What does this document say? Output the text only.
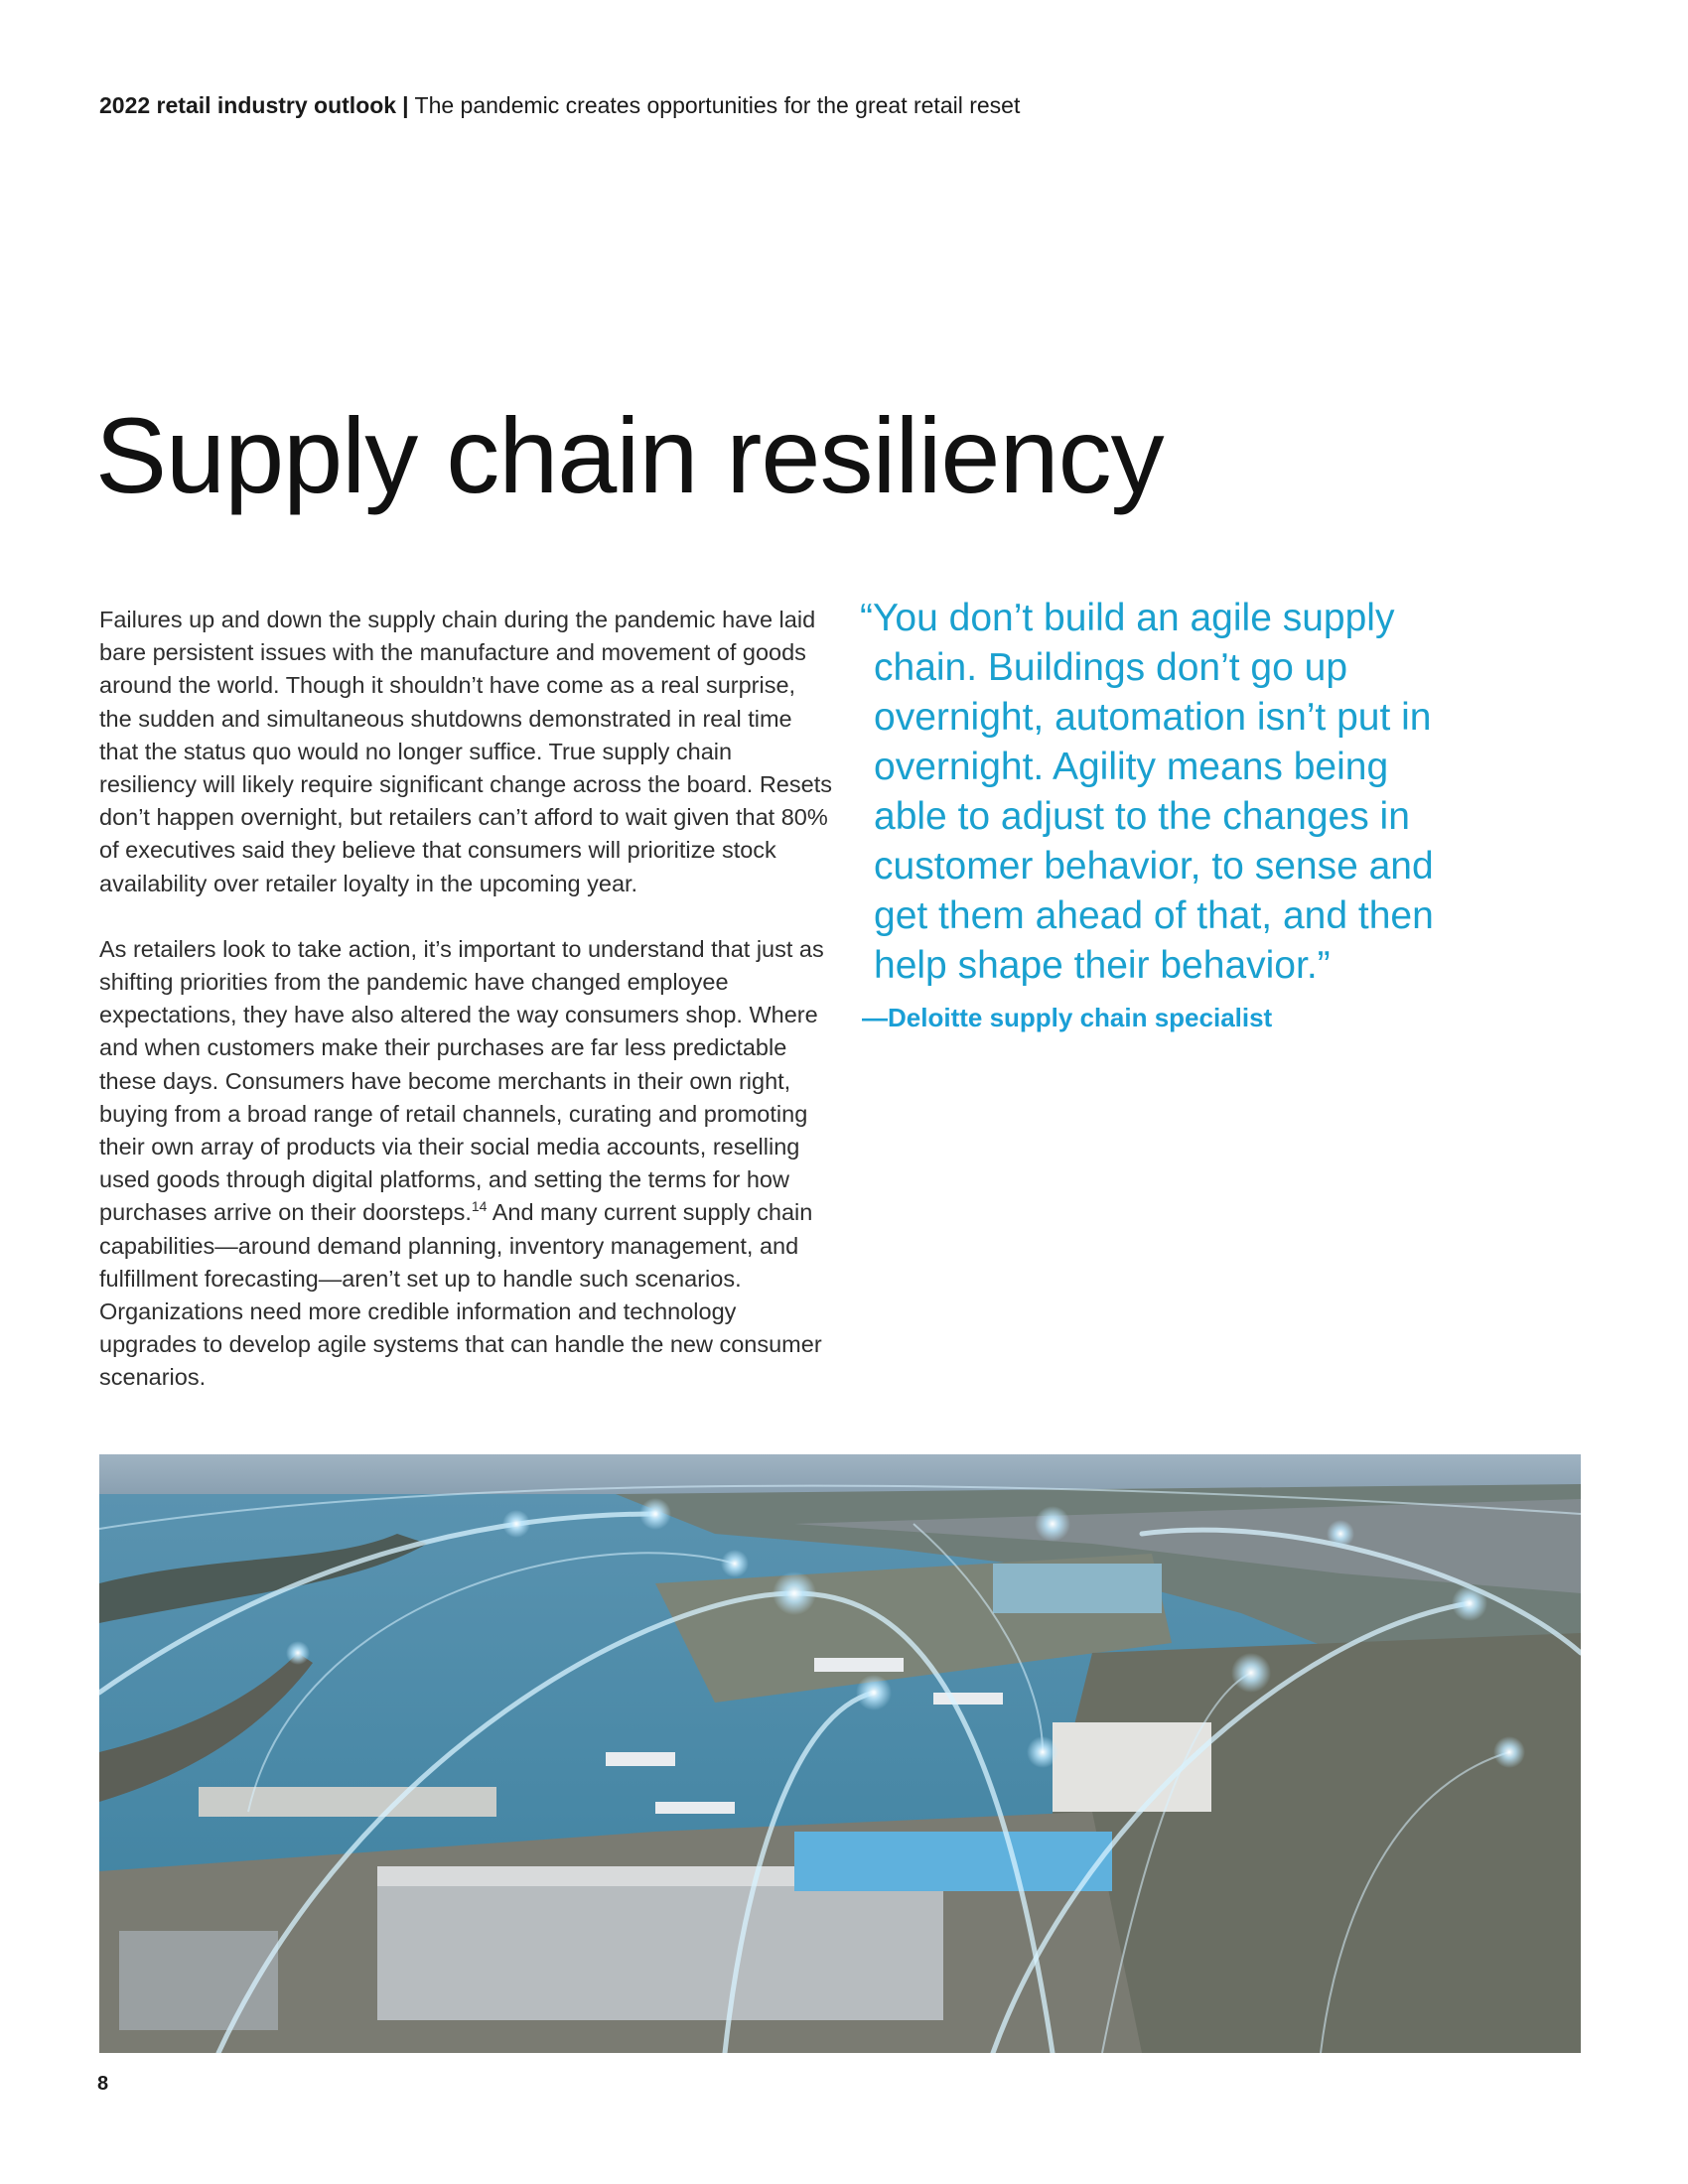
2022 retail industry outlook | The pandemic creates opportunities for the great retail reset
Supply chain resiliency

Failures up and down the supply chain during the pandemic have laid bare persistent issues with the manufacture and movement of goods around the world. Though it shouldn’t have come as a real surprise, the sudden and simultaneous shutdowns demonstrated in real time that the status quo would no longer suffice. True supply chain resiliency will likely require significant change across the board. Resets don’t happen overnight, but retailers can’t afford to wait given that 80% of executives said they believe that consumers will prioritize stock availability over retailer loyalty in the upcoming year.

As retailers look to take action, it’s important to understand that just as shifting priorities from the pandemic have changed employee expectations, they have also altered the way consumers shop. Where and when customers make their purchases are far less predictable these days. Consumers have become merchants in their own right, buying from a broad range of retail channels, curating and promoting their own array of products via their social media accounts, reselling used goods through digital platforms, and setting the terms for how purchases arrive on their doorsteps.$^{14}$ And many current supply chain capabilities—around demand planning, inventory management, and fulfillment forecasting—aren’t set up to handle such scenarios. Organizations need more credible information and technology upgrades to develop agile systems that can handle the new consumer scenarios.

“You don’t build an agile supply chain. Buildings don’t go up overnight, automation isn’t put in overnight. Agility means being able to adjust to the changes in customer behavior, to sense and get them ahead of that, and then help shape their behavior.”

—Deloitte supply chain specialist
8
